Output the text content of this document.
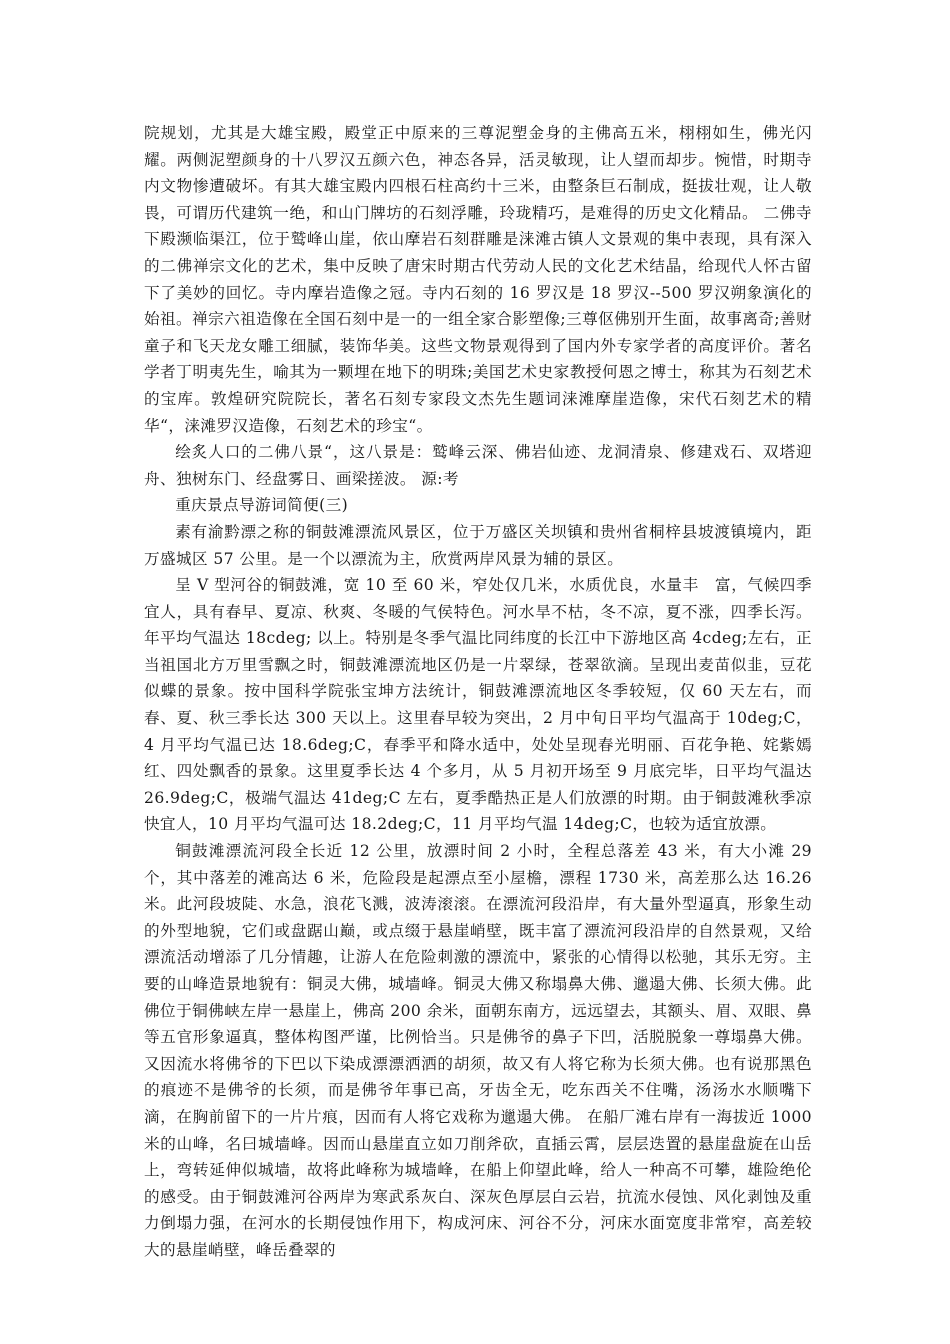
院规划，尤其是大雄宝殿，殿堂正中原来的三尊泥塑金身的主佛高五米，栩栩如生，佛光闪耀。两侧泥塑颜身的十八罗汉五颜六色，神态各异，活灵敏现，让人望而却步。惋惜，时期寺内文物惨遭破坏。有其大雄宝殿内四根石柱高约十三米，由整条巨石制成，挺拔壮观，让人敬畏，可谓历代建筑一绝，和山门牌坊的石刻浮雕，玲珑精巧，是难得的历史文化精品。 二佛寺下殿濒临渠江，位于鹫峰山崖，依山摩岩石刻群雕是涞滩古镇人文景观的集中表现，具有深入的二佛禅宗文化的艺术，集中反映了唐宋时期古代劳动人民的文化艺术结晶，给现代人怀古留下了美妙的回忆。寺内摩岩造像之冠。寺内石刻的 16 罗汉是 18 罗汉--500 罗汉朔象演化的始祖。禅宗六祖造像在全国石刻中是一的一组全家合影塑像;三尊伛佛别开生面，故事离奇;善财童子和飞天龙女雕工细腻，装饰华美。这些文物景观得到了国内外专家学者的高度评价。著名学者丁明夷先生，喻其为一颗埋在地下的明珠;美国艺术史家教授何恩之博士，称其为石刻艺术的宝库。敦煌研究院院长，著名石刻专家段文杰先生题词涞滩摩崖造像，宋代石刻艺术的精华“，涞滩罗汉造像，石刻艺术的珍宝“。

绘炙人口的二佛八景“，这八景是：鹫峰云深、佛岩仙迹、龙洞清泉、修建戏石、双塔迎舟、独树东门、经盘雾日、画梁搓波。 源:考

重庆景点导游词简便(三)

素有渝黔漂之称的铜鼓滩漂流风景区，位于万盛区关坝镇和贵州省桐梓县坡渡镇境内，距万盛城区 57 公里。是一个以漂流为主，欣赏两岸风景为辅的景区。

呈 V 型河谷的铜鼓滩，宽 10 至 60 米，窄处仅几米，水质优良，水量丰　富，气候四季宜人，具有春早、夏凉、秋爽、冬暖的气侯特色。河水旱不枯，冬不凉，夏不涨，四季长泻。年平均气温达 18cdeg; 以上。特别是冬季气温比同纬度的长江中下游地区高 4cdeg;左右，正当祖国北方万里雪飘之时，铜鼓滩漂流地区仍是一片翠绿，苍翠欲滴。呈现出麦苗似韭，豆花似蝶的景象。按中国科学院张宝坤方法统计，铜鼓滩漂流地区冬季较短，仅 60 天左右，而春、夏、秋三季长达 300 天以上。这里春早较为突出，2 月中旬日平均气温高于 10deg;C，4 月平均气温已达 18.6deg;C，春季平和降水适中，处处呈现春光明丽、百花争艳、姹紫嫣红、四处飘香的景象。这里夏季长达 4 个多月，从 5 月初开场至 9 月底完毕，日平均气温达 26.9deg;C，极端气温达 41deg;C 左右，夏季酷热正是人们放漂的时期。由于铜鼓滩秋季凉快宜人，10 月平均气温可达 18.2deg;C，11 月平均气温 14deg;C，也较为适宜放漂。

铜鼓滩漂流河段全长近 12 公里，放漂时间 2 小时，全程总落差 43 米，有大小滩 29 个，其中落差的滩高达 6 米，危险段是起漂点至小屋檐，漂程 1730 米，高差那么达 16.26 米。此河段坡陡、水急，浪花飞溅，波涛滚滚。在漂流河段沿岸，有大量外型逼真，形象生动的外型地貌，它们或盘踞山巅，或点缀于悬崖峭壁，既丰富了漂流河段沿岸的自然景观，又给漂流活动增添了几分情趣，让游人在危险刺激的漂流中，紧张的心情得以松驰，其乐无穷。主要的山峰造景地貌有：铜灵大佛，城墙峰。铜灵大佛又称塌鼻大佛、邋遢大佛、长须大佛。此佛位于铜佛峡左岸一悬崖上，佛高 200 余米，面朝东南方，远远望去，其额头、眉、双眼、鼻等五官形象逼真，整体构图严谨，比例恰当。只是佛爷的鼻子下凹，活脱脱象一尊塌鼻大佛。又因流水将佛爷的下巴以下染成漂漂洒洒的胡须，故又有人将它称为长须大佛。也有说那黑色的痕迹不是佛爷的长须，而是佛爷年事已高，牙齿全无，吃东西关不住嘴，汤汤水水顺嘴下滴，在胸前留下的一片片痕，因而有人将它戏称为邋遢大佛。 在船厂滩右岸有一海拔近 1000 米的山峰，名曰城墙峰。因而山悬崖直立如刀削斧砍，直插云霄，层层迭置的悬崖盘旋在山岳上，弯转延伸似城墙，故将此峰称为城墙峰，在船上仰望此峰，给人一种高不可攀，雄险绝伦的感受。由于铜鼓滩河谷两岸为寒武系灰白、深灰色厚层白云岩，抗流水侵蚀、风化剥蚀及重力倒塌力强，在河水的长期侵蚀作用下，构成河床、河谷不分，河床水面宽度非常窄，高差较大的悬崖峭壁，峰岳叠翠的
